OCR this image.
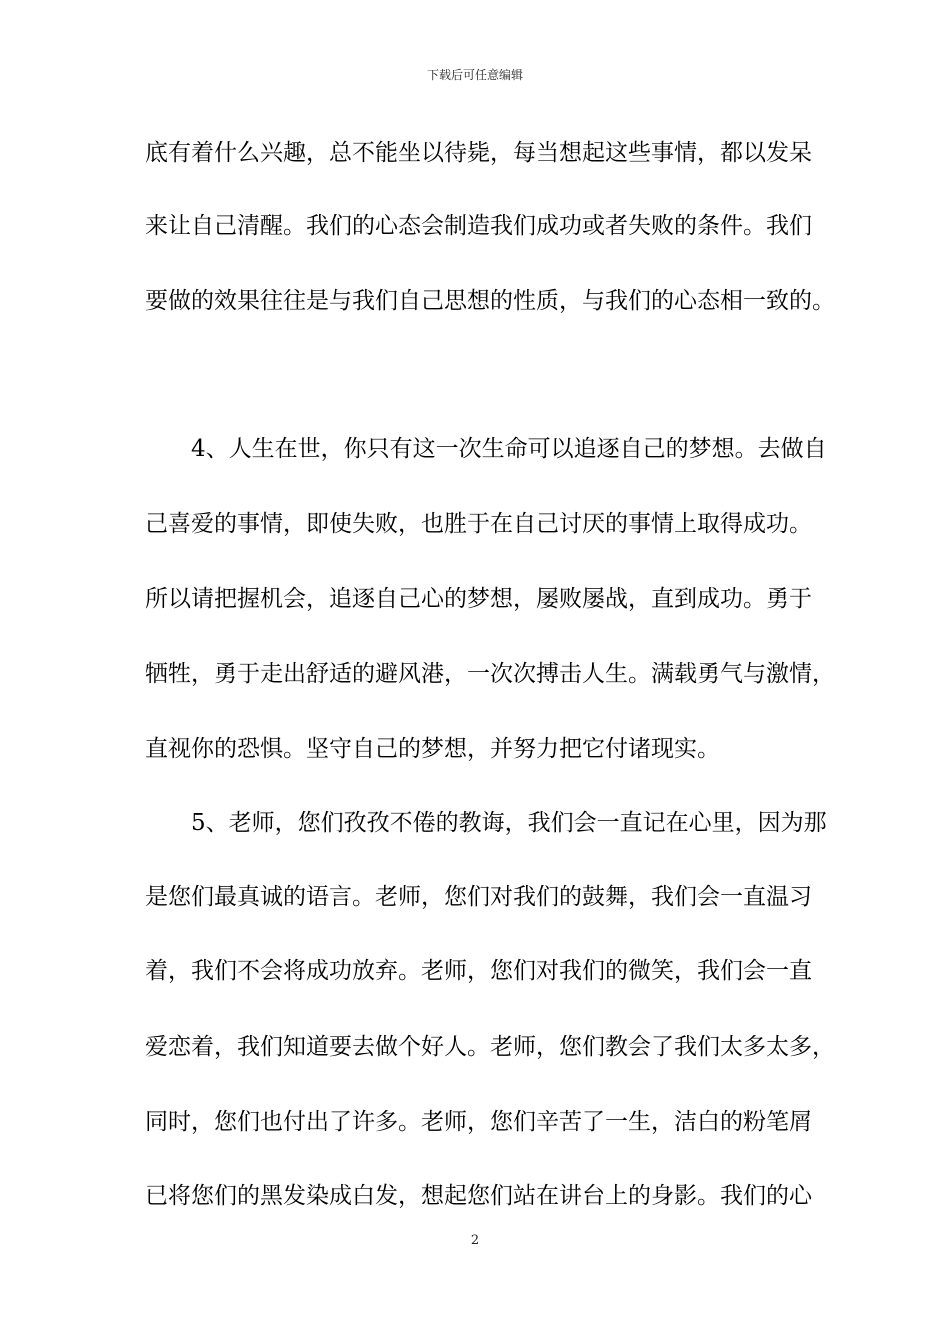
下载后可任意编辑
底有着什么兴趣，总不能坐以待毙，每当想起这些事情，都以发呆
来让自己清醒。我们的心态会制造我们成功或者失败的条件。我们
要做的效果往往是与我们自己思想的性质，与我们的心态相一致的。
4、人生在世，你只有这一次生命可以追逐自己的梦想。去做自
己喜爱的事情，即使失败，也胜于在自己讨厌的事情上取得成功。
所以请把握机会，追逐自己心的梦想，屡败屡战，直到成功。勇于
牺牲，勇于走出舒适的避风港，一次次搏击人生。满载勇气与激情，
直视你的恐惧。坚守自己的梦想，并努力把它付诸现实。
5、老师，您们孜孜不倦的教诲，我们会一直记在心里，因为那
是您们最真诚的语言。老师，您们对我们的鼓舞，我们会一直温习
着，我们不会将成功放弃。老师，您们对我们的微笑，我们会一直
爱恋着，我们知道要去做个好人。老师，您们教会了我们太多太多，
同时，您们也付出了许多。老师，您们辛苦了一生，洁白的粉笔屑
已将您们的黑发染成白发，想起您们站在讲台上的身影。我们的心
2
